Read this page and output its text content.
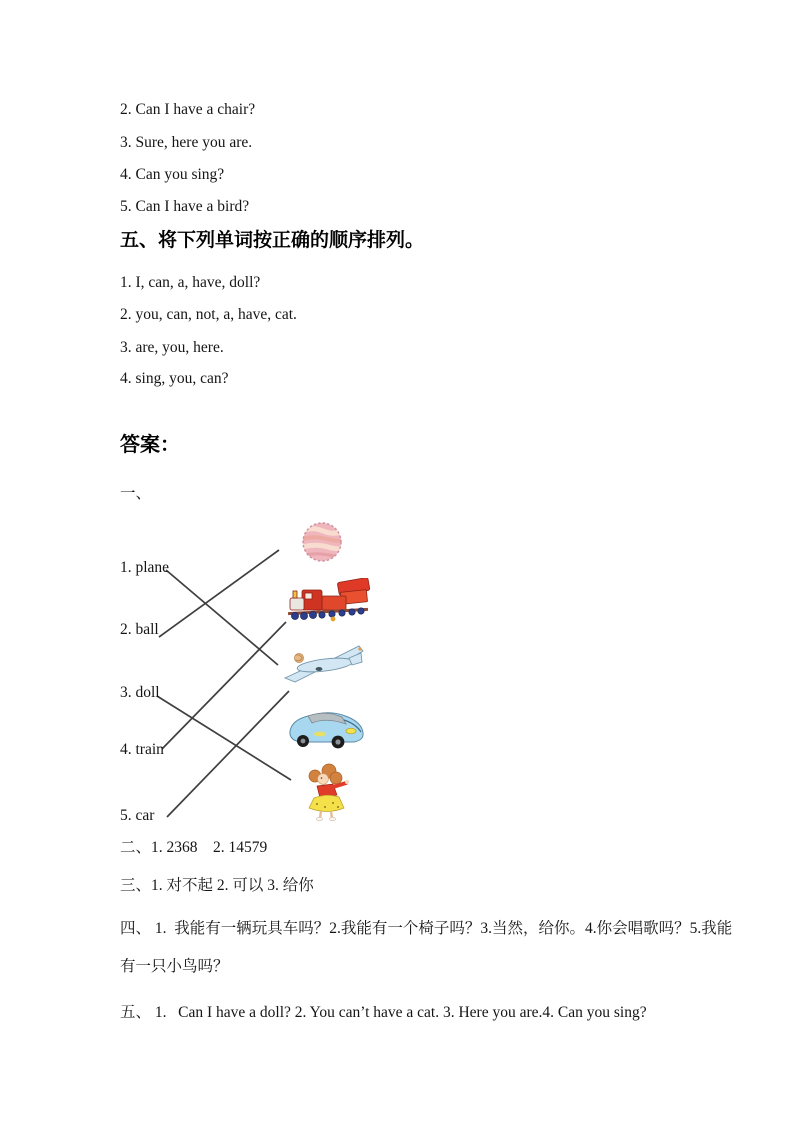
2. Can I have a chair?
3. Sure, here you are.
4. Can you sing?
5. Can I have a bird?
五、将下列单词按正确的顺序排列。
1. I, can, a, have, doll?
2. you, can, not, a, have, cat.
3. are, you, here.
4. sing, you, can?
答案：
一、
1. plane
2. ball
3. doll
4. train
5. car
二、1. 2368    2. 14579
三、1. 对不起 2. 可以 3. 给你
四、 1.  我能有一辆玩具车吗？2.我能有一个椅子吗？3.当然，给你。4.你会唱歌吗？5.我能
有一只小鸟吗？
五、 1.   Can I have a doll? 2. You can’t have a cat. 3. Here you are.4. Can you sing?
